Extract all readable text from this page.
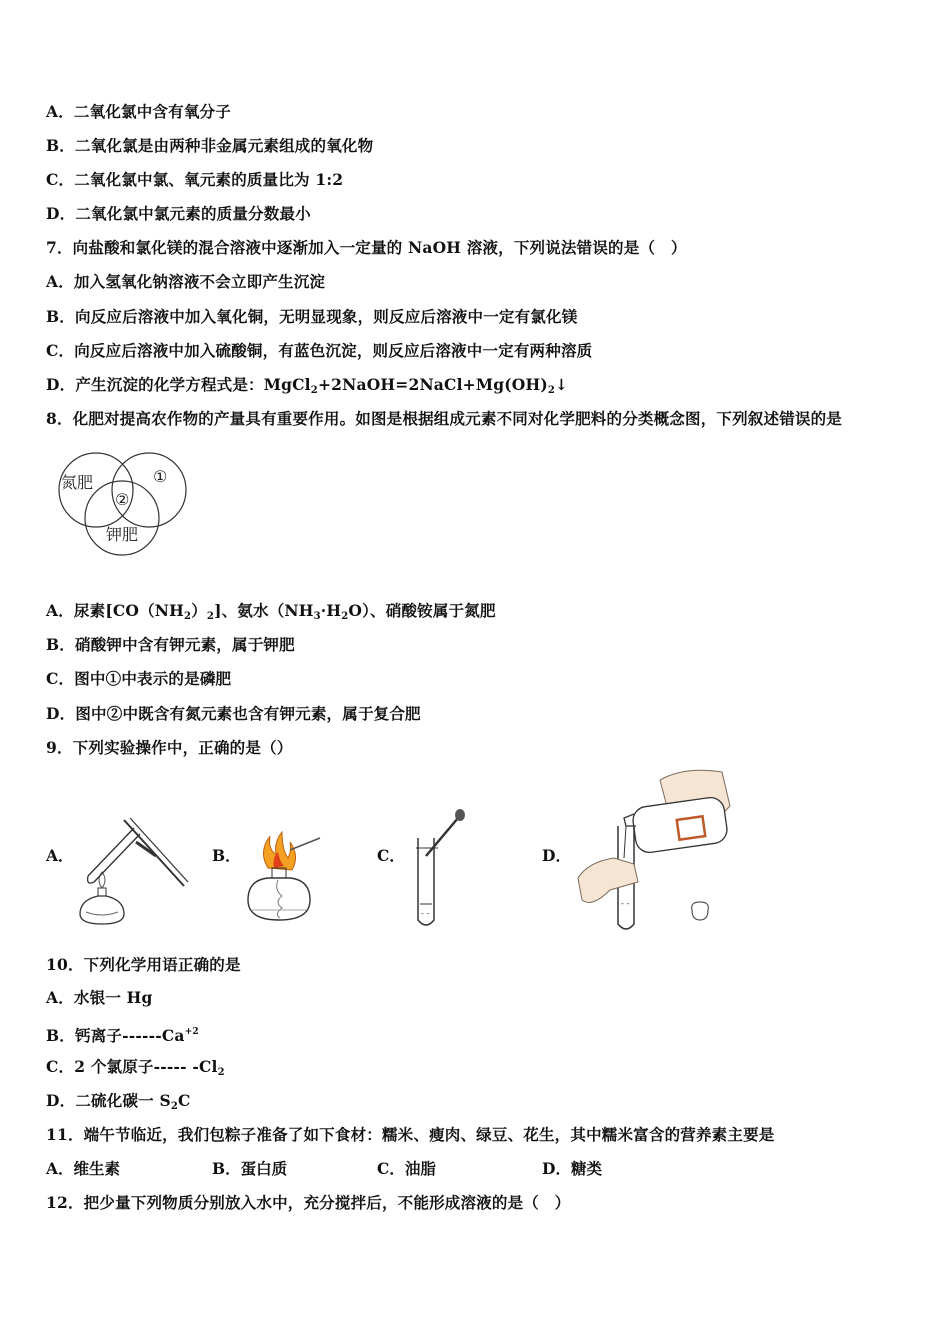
A．二氧化氯中含有氧分子
B．二氧化氯是由两种非金属元素组成的氧化物
C．二氧化氯中氯、氧元素的质量比为 1:2
D．二氧化氯中氯元素的质量分数最小
7．向盐酸和氯化镁的混合溶液中逐渐加入一定量的 NaOH 溶液，下列说法错误的是（　）
A．加入氢氧化钠溶液不会立即产生沉淀
B．向反应后溶液中加入氧化铜，无明显现象，则反应后溶液中一定有氯化镁
C．向反应后溶液中加入硫酸铜，有蓝色沉淀，则反应后溶液中一定有两种溶质
D．产生沉淀的化学方程式是：$MgCl_2+2NaOH=2NaCl+Mg(OH)_2↓$
8．化肥对提高农作物的产量具有重要作用。如图是根据组成元素不同对化学肥料的分类概念图，下列叙述错误的是
氮肥	①
②
钾肥
A．尿素$[CO(NH_2)_2]$、氨水$(NH_3\cdot H_2O)$、硝酸铵属于氮肥
B．硝酸钾中含有钾元素，属于钾肥
C．图中①中表示的是磷肥
D．图中②中既含有氮元素也含有钾元素，属于复合肥
9．下列实验操作中，正确的是（）
A．	B．	C．	D．
- -
- -
10．下列化学用语正确的是
A．水银一 Hg
B．钙离子$------Ca^{+2}$
C．2 个氯原子----- $-Cl_2$
D．二硫化碳一 $S_2C$
11．端午节临近，我们包粽子准备了如下食材：糯米、瘦肉、绿豆、花生，其中糯米富含的营养素主要是
A．维生素	B．蛋白质	C．油脂	D．糖类
12．把少量下列物质分别放入水中，充分搅拌后，不能形成溶液的是（　）
